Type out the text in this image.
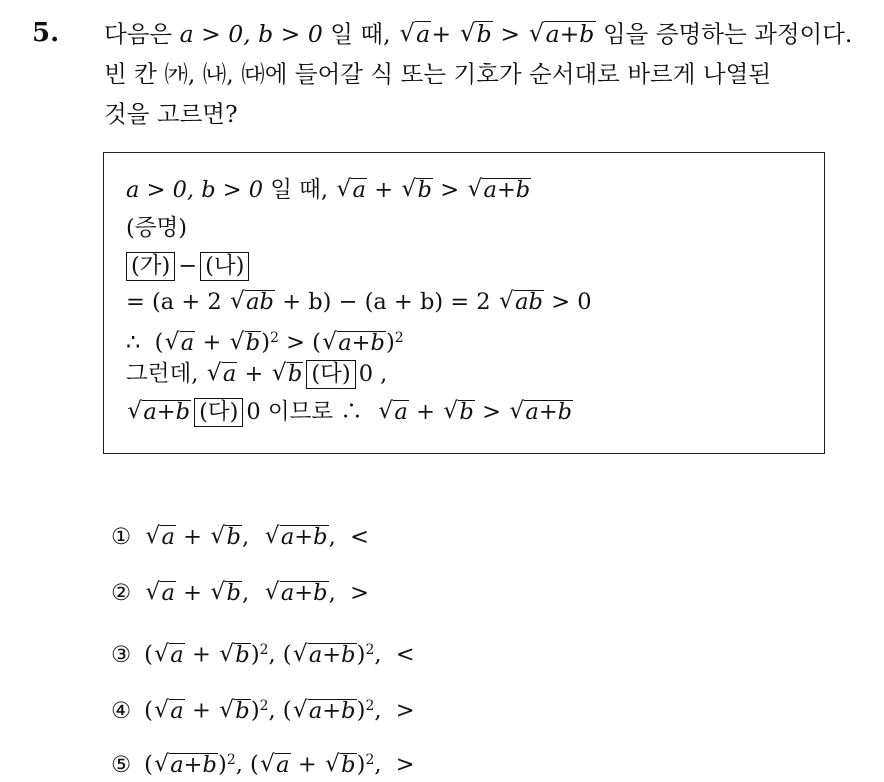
5. 다음은 a > 0, b > 0 일 때, √ a+ √ b > √ a+b 임을 증명하는 과정이다.
빈 칸 ㈎, ㈏, ㈐에 들어갈 식 또는 기호가 순서대로 바르게 나열된
것을 고르면?
a > 0, b > 0 일 때, √ a + √ b > √ a+b
(증명)
(가) − (나)
= (a + 2 √ ab + b) − (a + b) = 2 √ ab > 0
∴  ( √ a + √ b)$^2$ > ( √ a+b)$^2$
그런데, √ a + √ b (다) 0 ,
√ a+b (다) 0 이므로 ∴ √ a + √ b > √ a+b
① √ a + √ b,  √ a+b,  <
② √ a + √ b,  √ a+b,  >
③ ( √ a + √ b)$^2$, ( √ a+b)$^2$,  <
④ ( √ a + √ b)$^2$, ( √ a+b)$^2$,  >
⑤ ( √ a+b)$^2$, ( √ a + √ b)$^2$,  >
